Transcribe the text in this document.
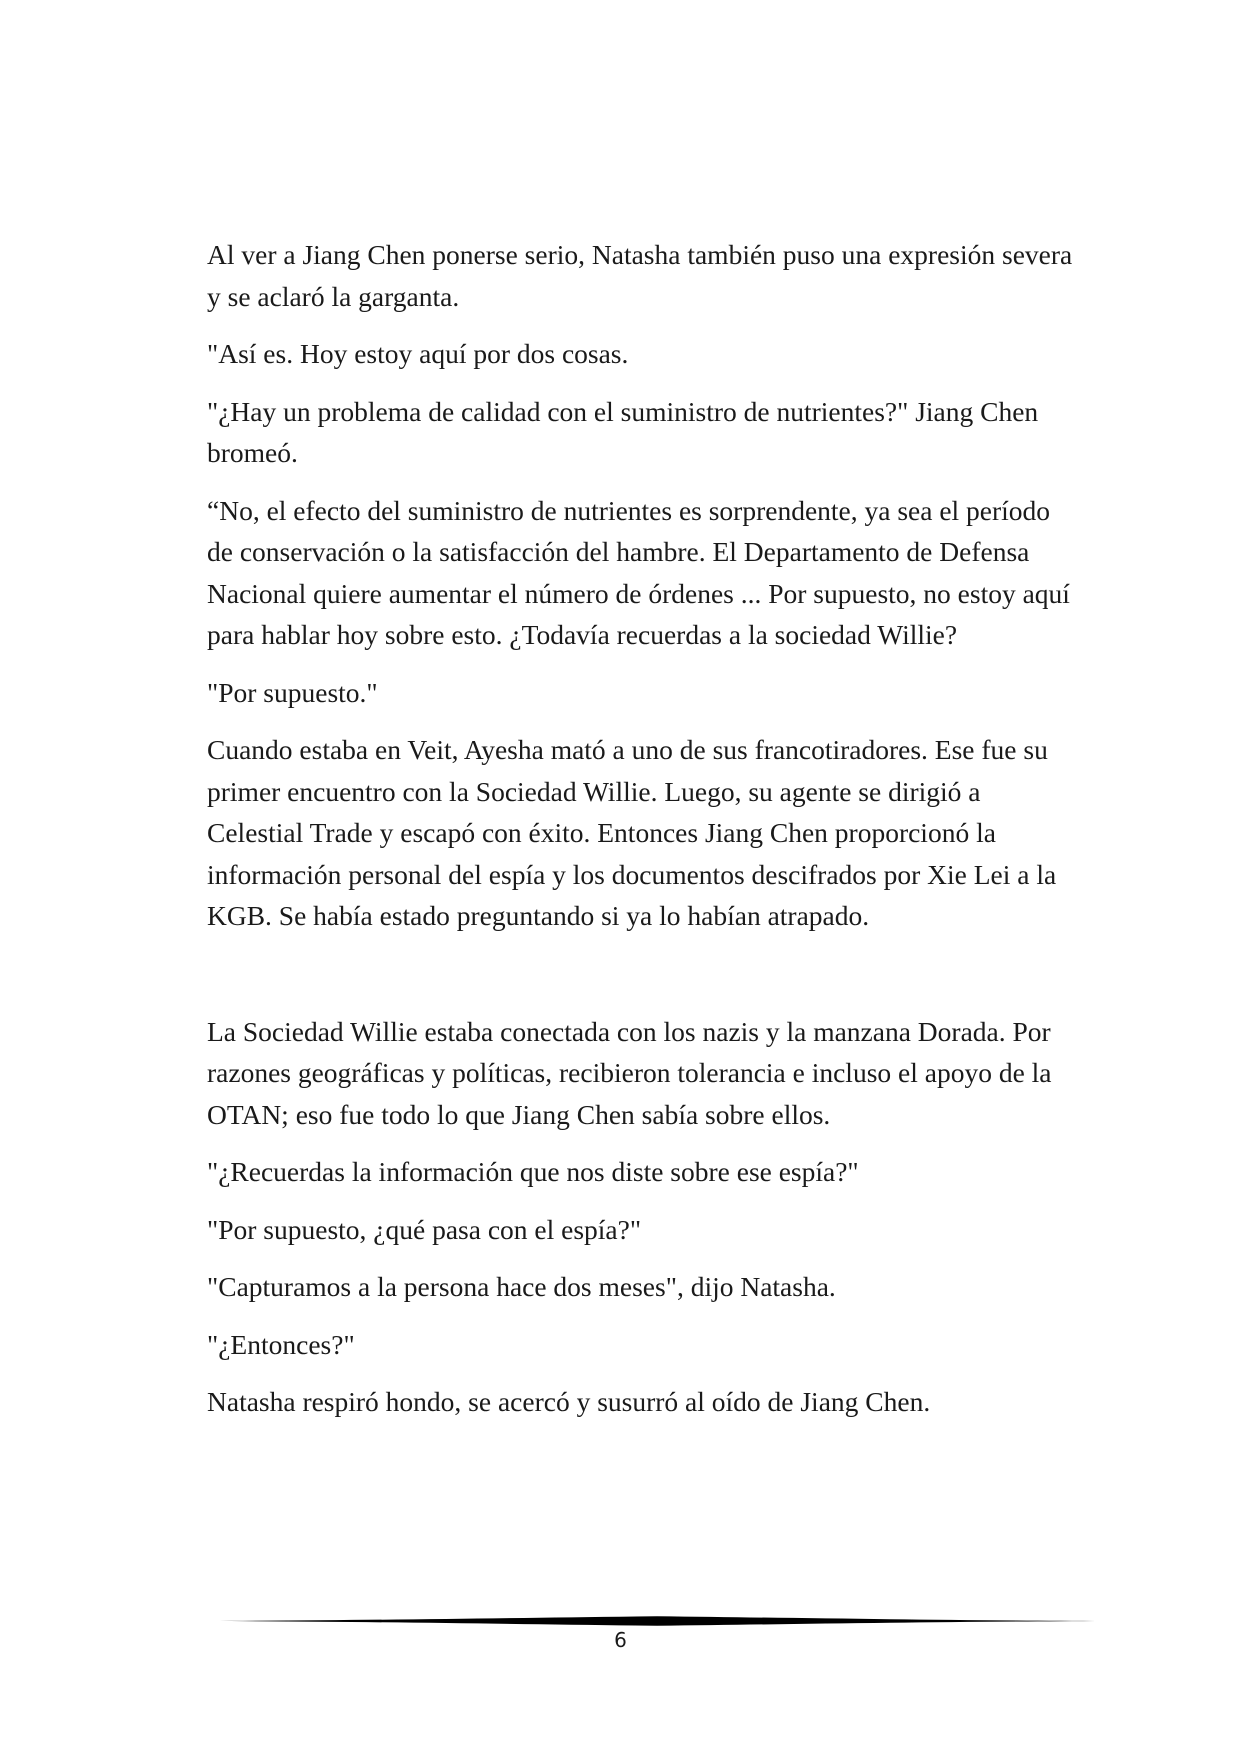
Al ver a Jiang Chen ponerse serio, Natasha también puso una expresión severa y se aclaró la garganta.

"Así es. Hoy estoy aquí por dos cosas.

"¿Hay un problema de calidad con el suministro de nutrientes?" Jiang Chen bromeó.

“No, el efecto del suministro de nutrientes es sorprendente, ya sea el período de conservación o la satisfacción del hambre. El Departamento de Defensa Nacional quiere aumentar el número de órdenes ... Por supuesto, no estoy aquí para hablar hoy sobre esto. ¿Todavía recuerdas a la sociedad Willie?

"Por supuesto."

Cuando estaba en Veit, Ayesha mató a uno de sus francotiradores. Ese fue su primer encuentro con la Sociedad Willie. Luego, su agente se dirigió a Celestial Trade y escapó con éxito. Entonces Jiang Chen proporcionó la información personal del espía y los documentos descifrados por Xie Lei a la KGB. Se había estado preguntando si ya lo habían atrapado.

La Sociedad Willie estaba conectada con los nazis y la manzana Dorada. Por razones geográficas y políticas, recibieron tolerancia e incluso el apoyo de la OTAN; eso fue todo lo que Jiang Chen sabía sobre ellos.

"¿Recuerdas la información que nos diste sobre ese espía?"

"Por supuesto, ¿qué pasa con el espía?"

"Capturamos a la persona hace dos meses", dijo Natasha.

"¿Entonces?"

Natasha respiró hondo, se acercó y susurró al oído de Jiang Chen.

6
